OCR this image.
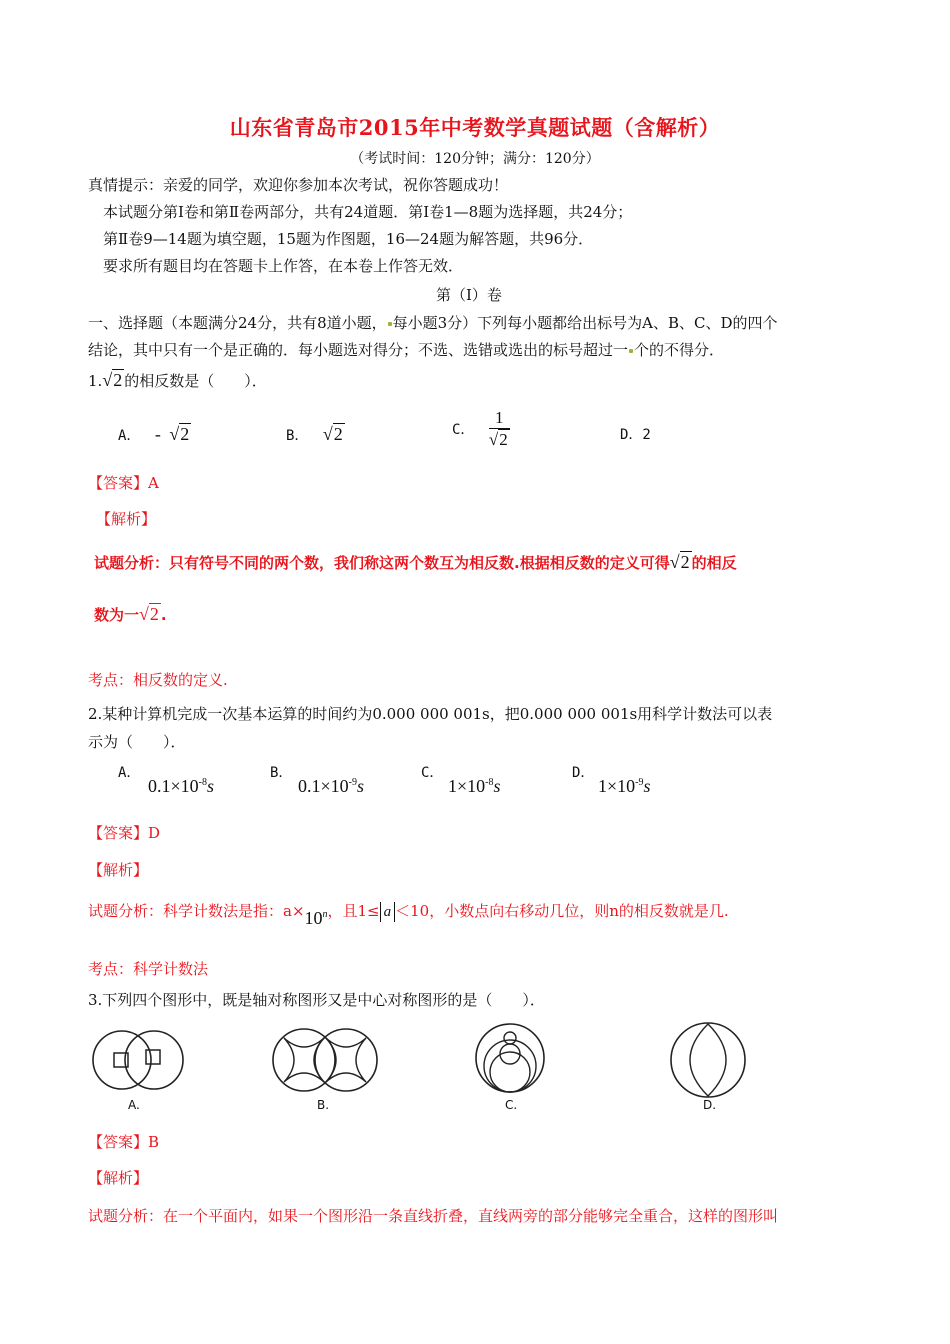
山东省青岛市2015年中考数学真题试题（含解析）
（考试时间：120分钟；满分：120分）
真情提示：亲爱的同学，欢迎你参加本次考试，祝你答题成功！
本试题分第Ⅰ卷和第Ⅱ卷两部分，共有24道题．第Ⅰ卷1—8题为选择题，共24分；
第Ⅱ卷9—14题为填空题，15题为作图题，16—24题为解答题，共96分．
要求所有题目均在答题卡上作答，在本卷上作答无效．
第（Ⅰ）卷
一、选择题（本题满分24分，共有8道小题， 每小题3分）下列每小题都给出标号为A、B、C、D的四个
结论，其中只有一个是正确的．每小题选对得分；不选、选错或选出的标号超过一 个的不得分．
1.√2 的相反数是（　　）．
A． - √2	B． √2	C． $\frac{1}{√2}$	D．2
【答案】A
【解析】
试题分析：只有符号不同的两个数，我们称这两个数互为相反数.根据相反数的定义可得√2 的相反
数为一√2 .
考点：相反数的定义.
2.某种计算机完成一次基本运算的时间约为0.000 000 001s，把0.000 000 001s用科学计数法可以表
示为（　　）．
A．
$0.1\times 10^{-8}s$
B．
$0.1\times 10^{-9}s$
C．
$1\times 10^{-8}s$
D．
$1\times 10^{-9}s$
【答案】D
【解析】
试题分析：科学计数法是指：$a\times 10^n$，且1≤ a ＜10，小数点向右移动几位，则n的相反数就是几.
考点：科学计数法
3.下列四个图形中，既是轴对称图形又是中心对称图形的是（　　）．
A.	B.	C.	D.
【答案】B
【解析】
试题分析：在一个平面内，如果一个图形沿一条直线折叠，直线两旁的部分能够完全重合，这样的图形叫
